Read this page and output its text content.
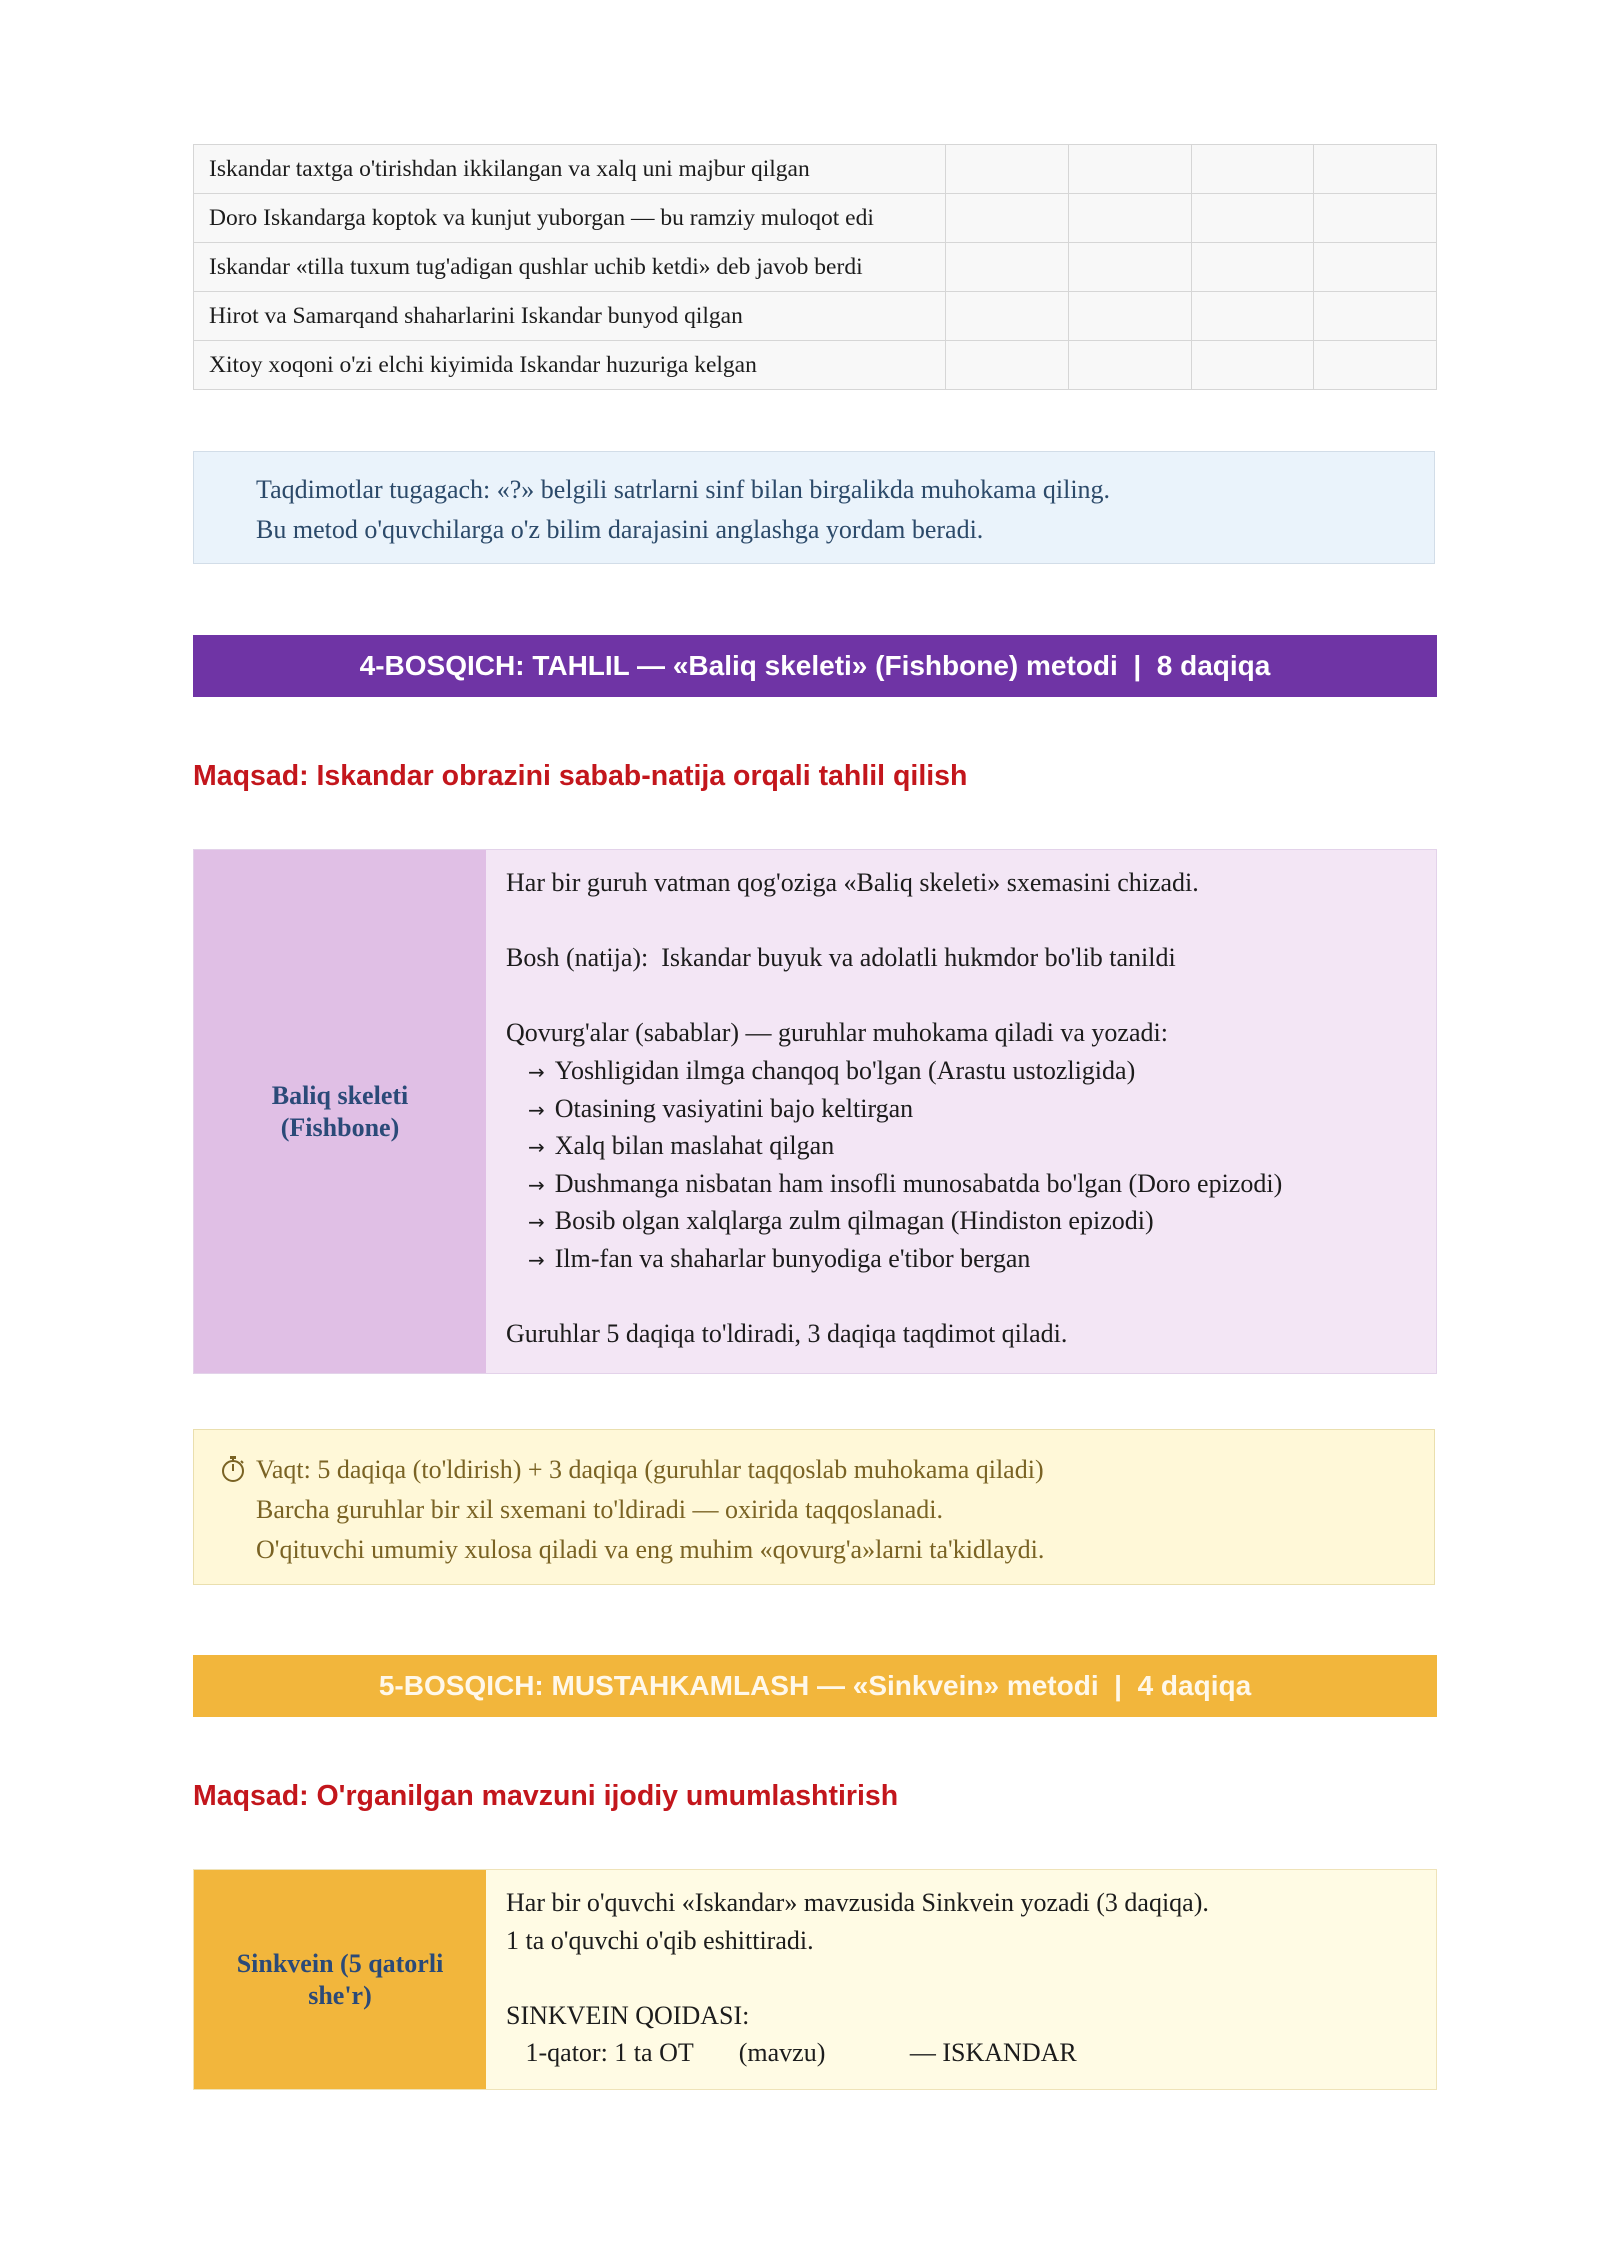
Iskandar taxtga o'tirishdan ikkilangan va xalq uni majbur qilgan				
Doro Iskandarga koptok va kunjut yuborgan — bu ramziy muloqot edi				
Iskandar «tilla tuxum tug'adigan qushlar uchib ketdi» deb javob berdi				
Hirot va Samarqand shaharlarini Iskandar bunyod qilgan				
Xitoy xoqoni o'zi elchi kiyimida Iskandar huzuriga kelgan				
Taqdimotlar tugagach: «?» belgili satrlarni sinf bilan birgalikda muhokama qiling.
Bu metod o'quvchilarga o'z bilim darajasini anglashga yordam beradi.
4-BOSQICH: TAHLIL — «Baliq skeleti» (Fishbone) metodi  |  8 daqiqa
Maqsad: Iskandar obrazini sabab-natija orqali tahlil qilish
Baliq skeleti (Fishbone)
Har bir guruh vatman qog'oziga «Baliq skeleti» sxemasini chizadi.
Bosh (natija):  Iskandar buyuk va adolatli hukmdor bo'lib tanildi
Qovurg'alar (sabablar) — guruhlar muhokama qiladi va yozadi:
→ Yoshligidan ilmga chanqoq bo'lgan (Arastu ustozligida)
→ Otasining vasiyatini bajo keltirgan
→ Xalq bilan maslahat qilgan
→ Dushmanga nisbatan ham insofli munosabatda bo'lgan (Doro epizodi)
→ Bosib olgan xalqlarga zulm qilmagan (Hindiston epizodi)
→ Ilm-fan va shaharlar bunyodiga e'tibor bergan
Guruhlar 5 daqiqa to'ldiradi, 3 daqiqa taqdimot qiladi.
Vaqt: 5 daqiqa (to'ldirish) + 3 daqiqa (guruhlar taqqoslab muhokama qiladi)
Barcha guruhlar bir xil sxemani to'ldiradi — oxirida taqqoslanadi.
O'qituvchi umumiy xulosa qiladi va eng muhim «qovurg'a»larni ta'kidlaydi.
5-BOSQICH: MUSTAHKAMLASH — «Sinkvein» metodi  |  4 daqiqa
Maqsad: O'rganilgan mavzuni ijodiy umumlashtirish
Sinkvein (5 qatorli she'r)
Har bir o'quvchi «Iskandar» mavzusida Sinkvein yozadi (3 daqiqa).
1 ta o'quvchi o'qib eshittiradi.
SINKVEIN QOIDASI:
1-qator: 1 ta OT       (mavzu)             — ISKANDAR
